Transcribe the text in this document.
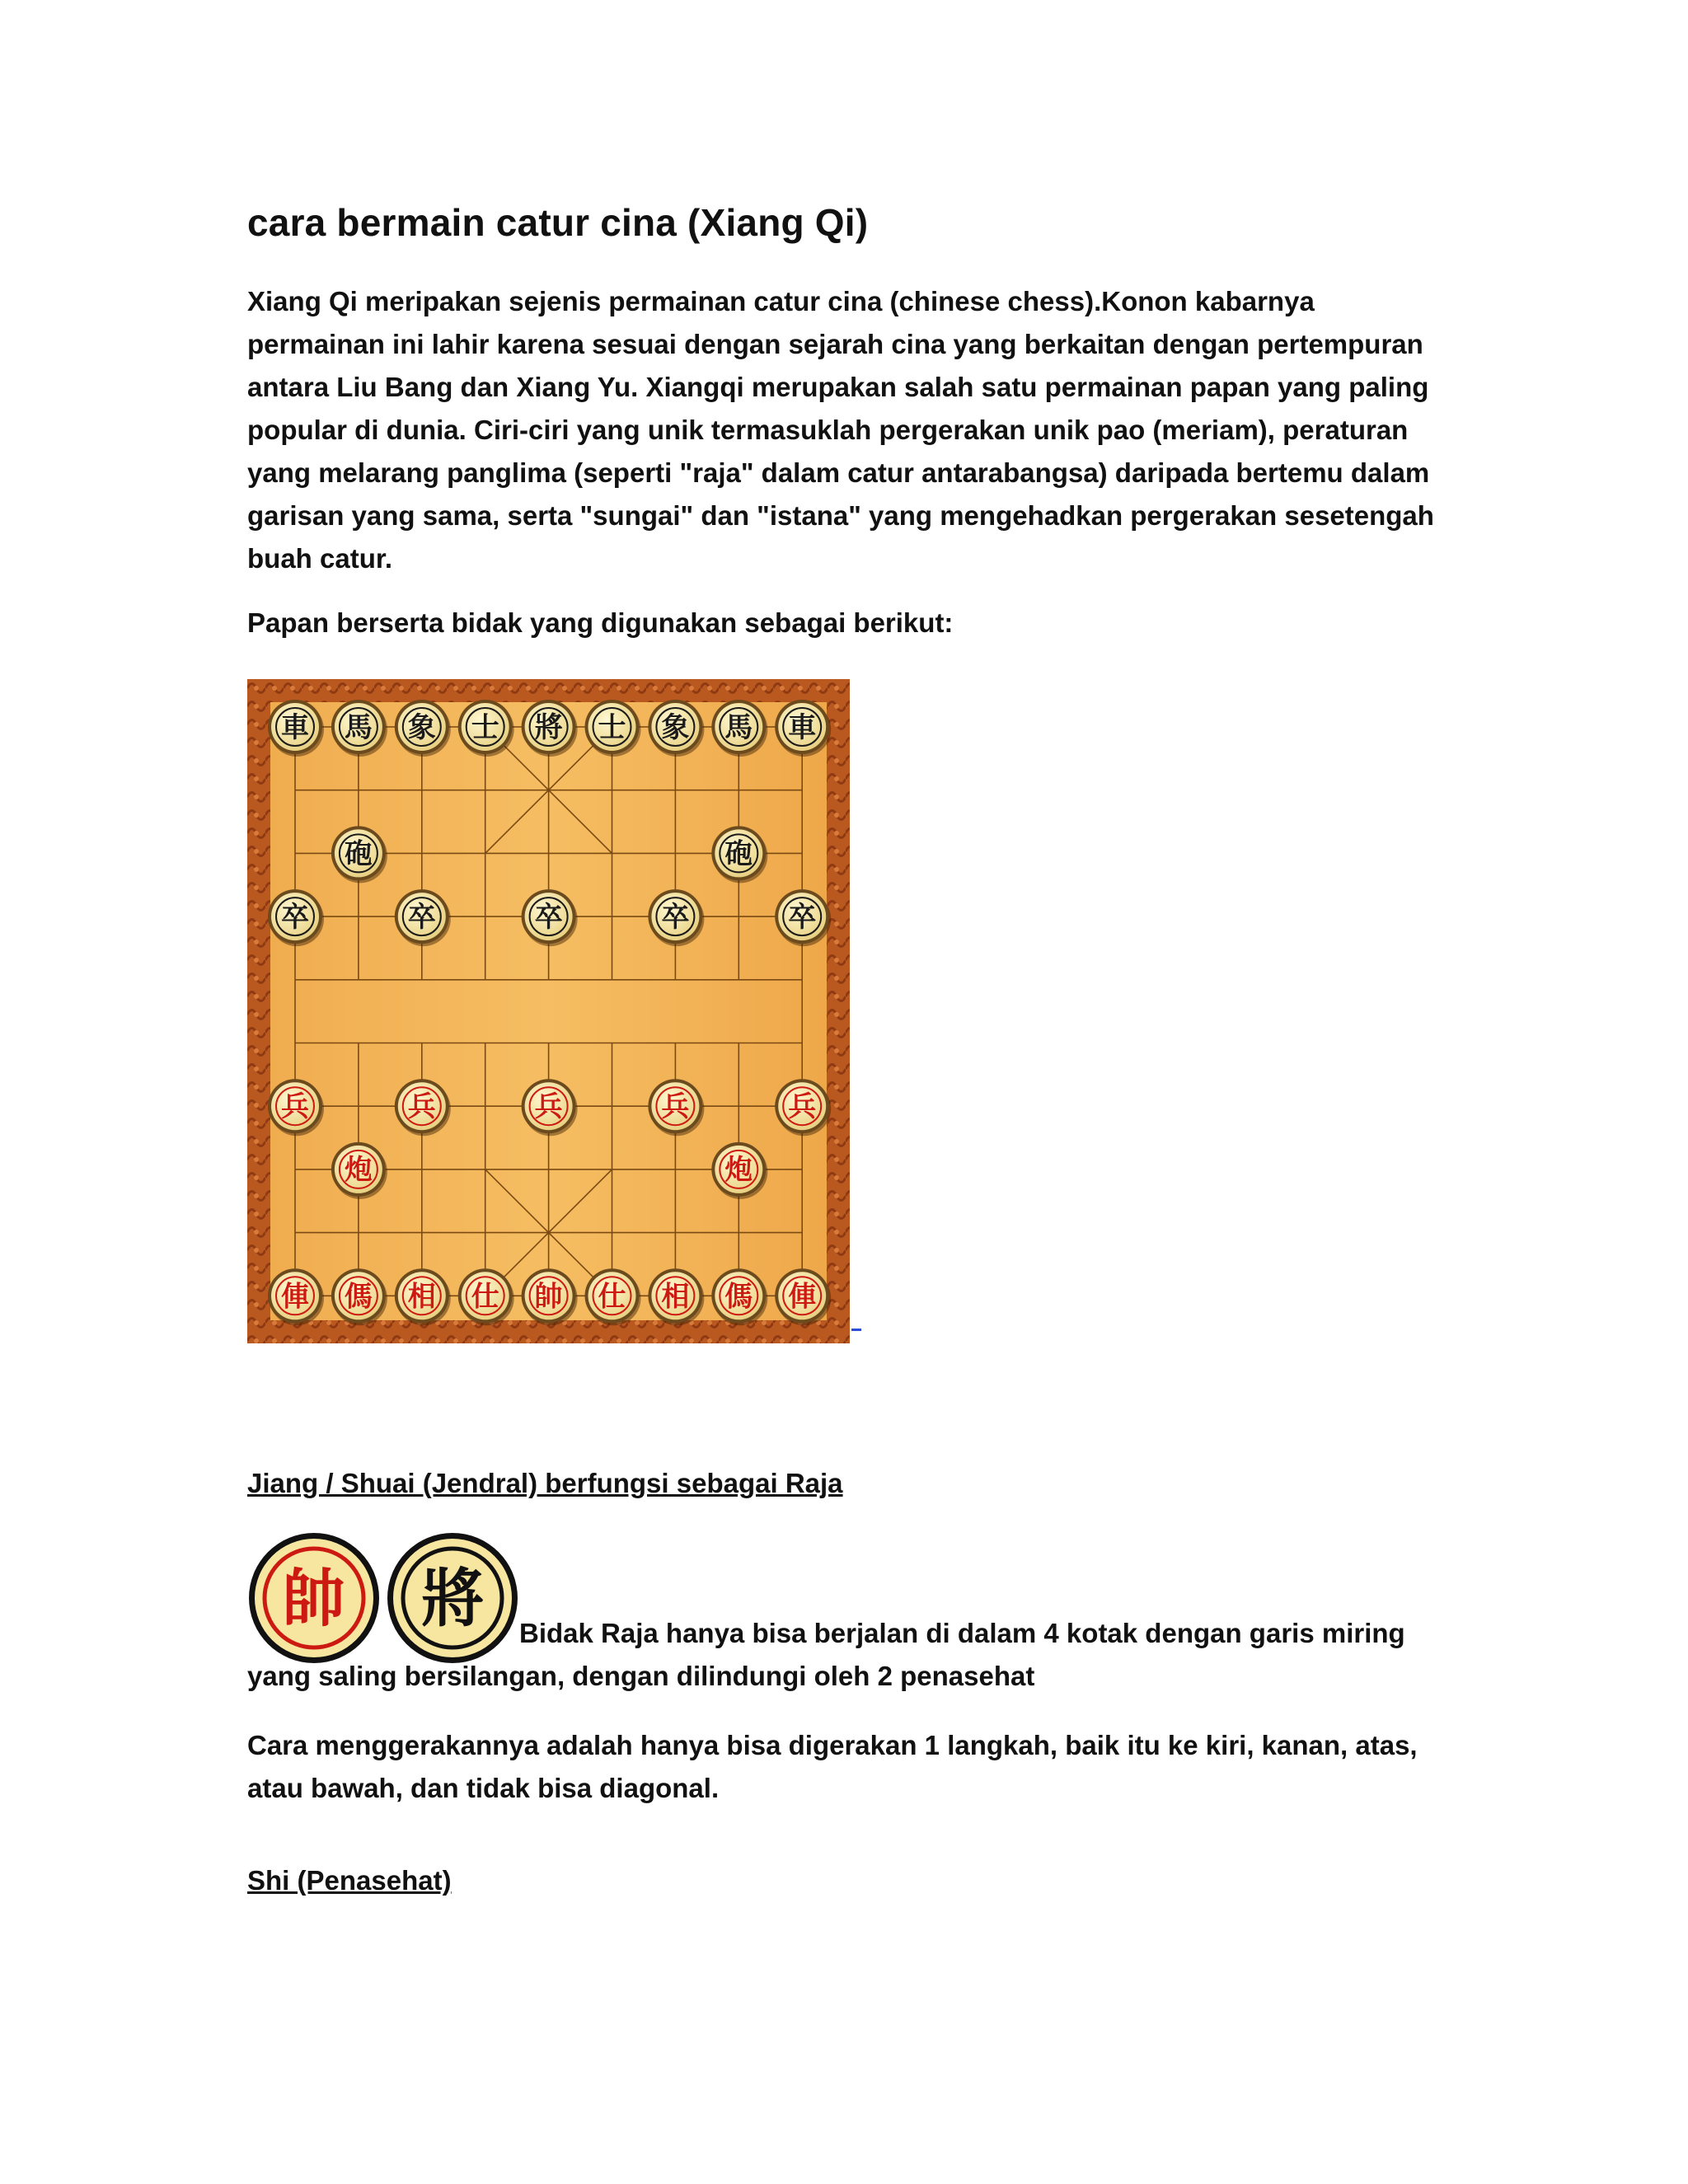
cara bermain catur cina (Xiang Qi)

Xiang Qi meripakan sejenis permainan catur cina (chinese chess).Konon kabarnya permainan ini lahir karena sesuai dengan sejarah cina yang berkaitan dengan pertempuran antara Liu Bang dan Xiang Yu. Xiangqi merupakan salah satu permainan papan yang paling popular di dunia. Ciri-ciri yang unik termasuklah pergerakan unik pao (meriam), peraturan yang melarang panglima (seperti "raja" dalam catur antarabangsa) daripada bertemu dalam garisan yang sama, serta "sungai" dan "istana" yang mengehadkan pergerakan sesetengah buah catur.

Papan berserta bidak yang digunakan sebagai berikut:

車 馬 象 士 將 士 象 馬 車
砲	砲
卒	卒	卒	卒	卒
兵	兵	兵	兵	兵
炮	炮
俥 傌 相 仕 帥 仕 相 傌 俥

Jiang / Shuai (Jendral) berfungsi sebagai Raja

帥 將 Bidak Raja hanya bisa berjalan di dalam 4 kotak dengan garis miring
yang saling bersilangan, dengan dilindungi oleh 2 penasehat

Cara menggerakannya adalah hanya bisa digerakan 1 langkah, baik itu ke kiri, kanan, atas, atau bawah, dan tidak bisa diagonal.

Shi (Penasehat)
